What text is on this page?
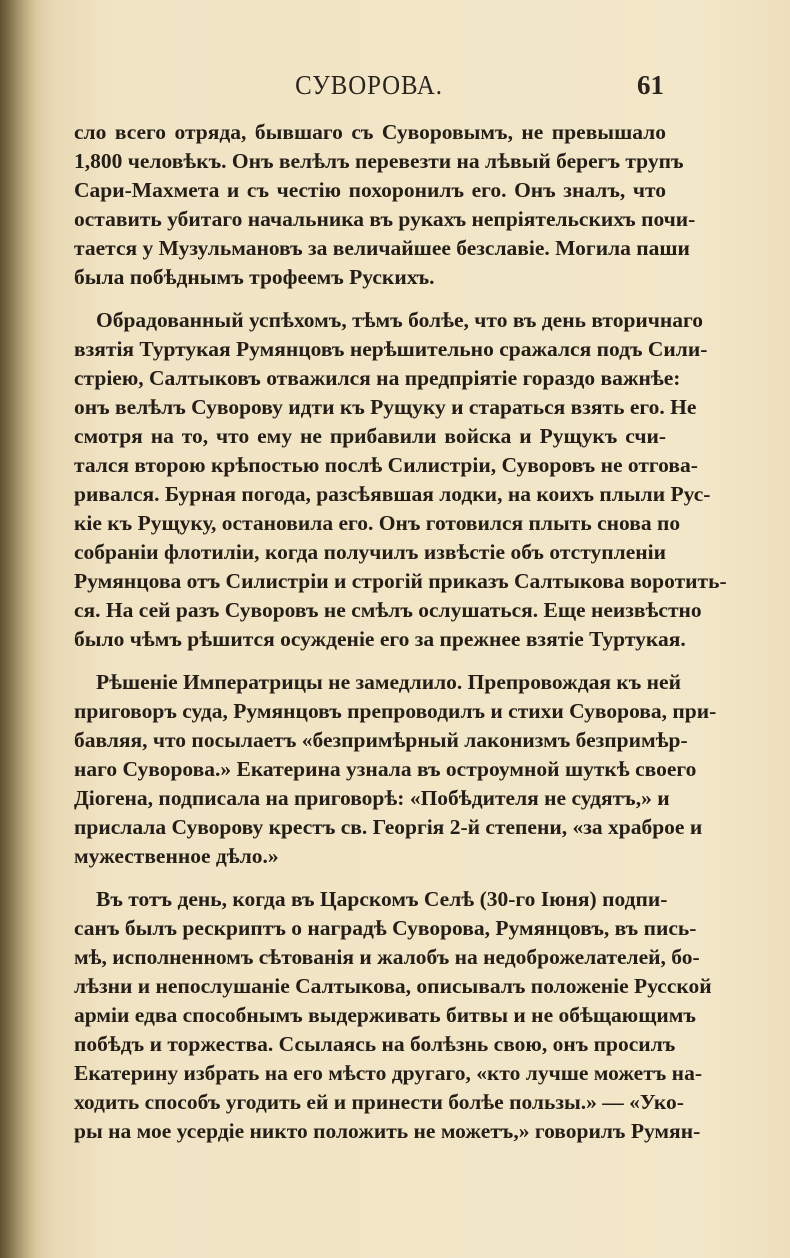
СУВОРОВА.	61
сло всего отряда, бывшаго съ Суворовымъ, не превышало
1,800 человѣкъ. Онъ велѣлъ перевезти на лѣвый берегъ трупъ
Сари-Махмета и съ честію похоронилъ его. Онъ зналъ, что
оставить убитаго начальника въ рукахъ непріятельскихъ почи-
тается у Музульмановъ за величайшее безславіе. Могила паши
была побѣднымъ трофеемъ Рускихъ.
Обрадованный успѣхомъ, тѣмъ болѣе, что въ день вторичнаго
взятія Туртукая Румянцовъ нерѣшительно сражался подъ Сили-
стріею, Салтыковъ отважился на предпріятіе гораздо важнѣе:
онъ велѣлъ Суворову идти къ Рущуку и стараться взять его. Не
смотря на то, что ему не прибавили войска и Рущукъ счи-
тался второю крѣпостью послѣ Силистріи, Суворовъ не отгова-
ривался. Бурная погода, разсѣявшая лодки, на коихъ плыли Рус-
кіе къ Рущуку, остановила его. Онъ готовился плыть снова по
собраніи флотиліи, когда получилъ извѣстіе объ отступленіи
Румянцова отъ Силистріи и строгій приказъ Салтыкова воротить-
ся. На сей разъ Суворовъ не смѣлъ ослушаться. Еще неизвѣстно
было чѣмъ рѣшится осужденіе его за прежнее взятіе Туртукая.
Рѣшеніе Императрицы не замедлило. Препровождая къ ней
приговоръ суда, Румянцовъ препроводилъ и стихи Суворова, при-
бавляя, что посылаетъ «безпримѣрный лаконизмъ безпримѣр-
наго Суворова.» Екатерина узнала въ остроумной шуткѣ своего
Діогена, подписала на приговорѣ: «Побѣдителя не судятъ,» и
прислала Суворову крестъ св. Георгія 2-й степени, «за храброе и
мужественное дѣло.»
Въ тотъ день, когда въ Царскомъ Селѣ (30-го Іюня) подпи-
санъ былъ рескриптъ о наградѣ Суворова, Румянцовъ, въ пись-
мѣ, исполненномъ сѣтованія и жалобъ на недоброжелателей, бо-
лѣзни и непослушаніе Салтыкова, описывалъ положеніе Русской
арміи едва способнымъ выдерживать битвы и не обѣщающимъ
побѣдъ и торжества. Ссылаясь на болѣзнь свою, онъ просилъ
Екатерину избрать на его мѣсто другаго, «кто лучше можетъ на-
ходить способъ угодить ей и принести болѣе пользы.» — «Уко-
ры на мое усердіе никто положить не можетъ,» говорилъ Румян-
